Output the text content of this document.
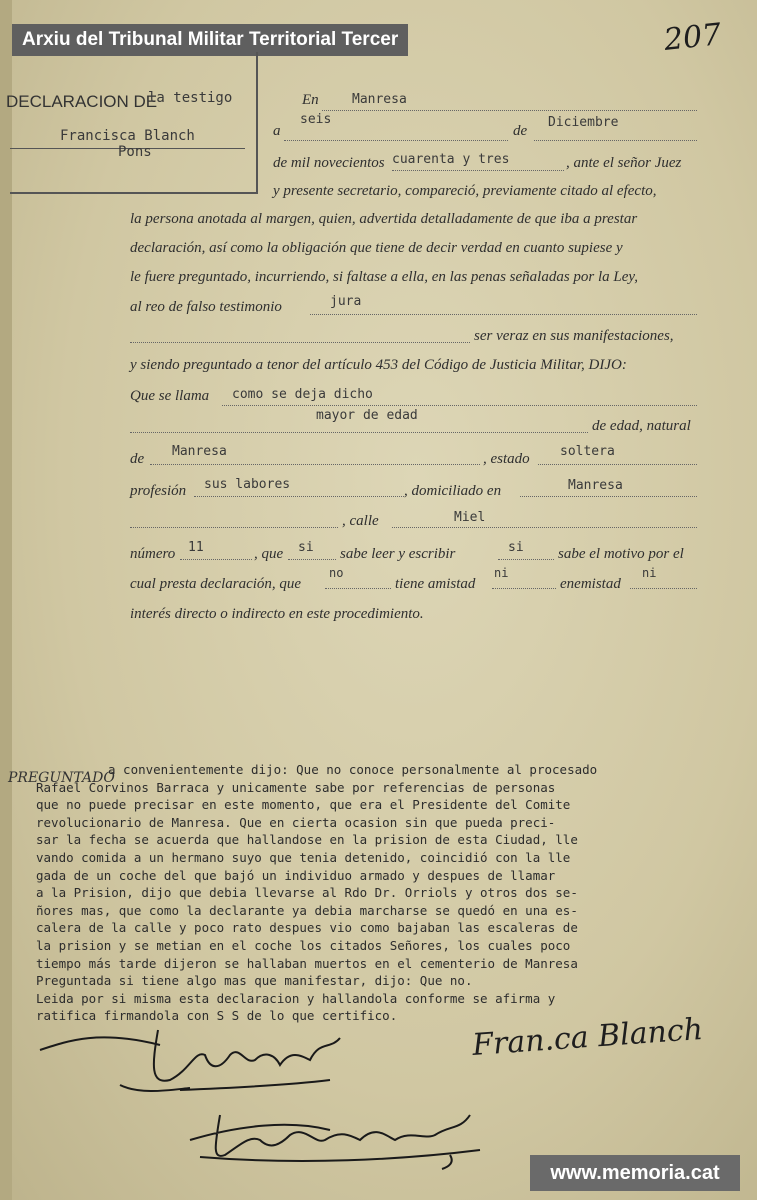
Arxiu del Tribunal Militar Territorial Tercer	207
DECLARACION DE
la testigo
Francisca Blanch
Pons
En	Manresa
a
seis
de
Diciembre
de mil novecientos cuarenta y tres	, ante el señor Juez
y presente secretario, compareció, previamente citado al efecto,
la persona anotada al margen, quien, advertida detalladamente de que iba a prestar
declaración, así como la obligación que tiene de decir verdad en cuanto supiese y
le fuere preguntado, incurriendo, si faltase a ella, en las penas señaladas por la Ley,
al reo de falso testimonio	jura
ser veraz en sus manifestaciones,
y siendo preguntado a tenor del artículo 453 del Código de Justicia Militar, DIJO:
Que se llama como se deja dicho
mayor de edad
de edad, natural
de Manresa	, estado soltera
profesión sus labores	, domiciliado en	Manresa
, calle	Miel
número 11	, que si sabe leer y escribir	si sabe el motivo por el
cual presta declaración, que
no
tiene amistad
ni
enemistad
ni
interés directo o indirecto en este procedimiento.
PREGUNTADO
a convenientemente dijo: Que no conoce personalmente al procesado
Rafael Corvinos Barraca y unicamente sabe por referencias de personas
que no puede precisar en este momento, que era el Presidente del Comite
revolucionario de Manresa. Que en cierta ocasion sin que pueda preci-
sar la fecha se acuerda que hallandose en la prision de esta Ciudad, lle
vando comida a un hermano suyo que tenia detenido, coincidió con la lle
gada de un coche del que bajó un individuo armado y despues de llamar
a la Prision, dijo que debia llevarse al Rdo Dr. Orriols y otros dos se-
ñores mas, que como la declarante ya debia marcharse se quedó en una es-
calera de la calle y poco rato despues vio como bajaban las escaleras de
la prision y se metian en el coche los citados Señores, los cuales poco
tiempo más tarde dijeron se hallaban muertos en el cementerio de Manresa
Preguntada si tiene algo mas que manifestar, dijo: Que no.
Leida por si misma esta declaracion y hallandola conforme se afirma y
ratifica firmandola con S S de lo que certifico. Fran.ca Blanch
www.memoria.cat
